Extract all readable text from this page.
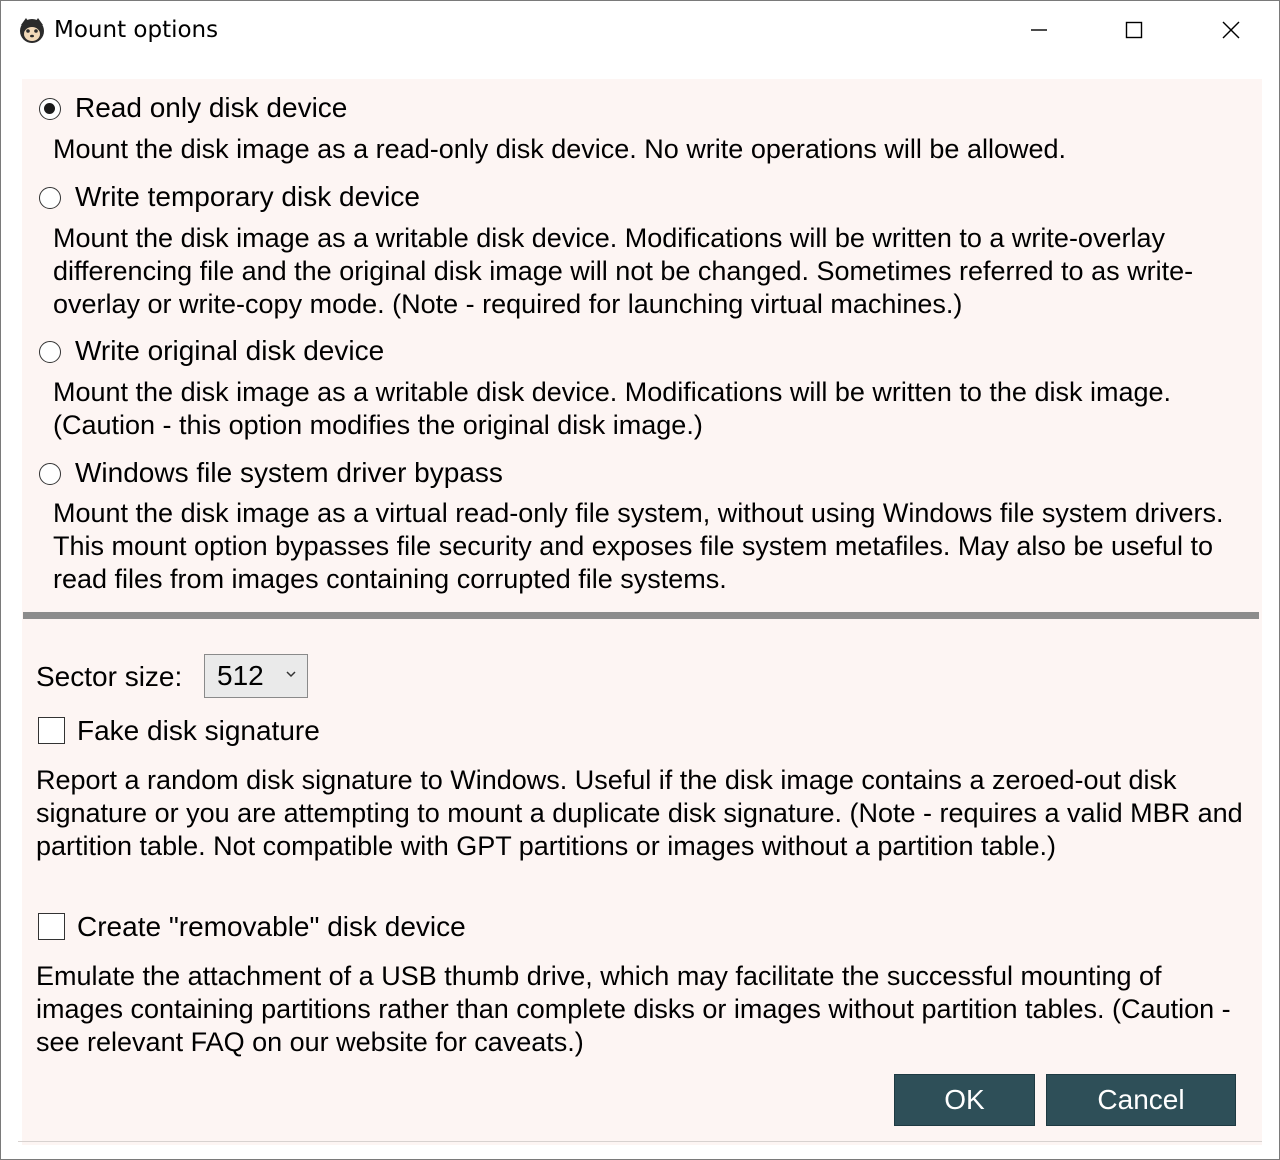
Mount options
Read only disk device
Mount the disk image as a read-only disk device. No write operations will be allowed.
Write temporary disk device
Mount the disk image as a writable disk device. Modifications will be written to a write-overlay differencing file and the original disk image will not be changed. Sometimes referred to as write-overlay or write-copy mode. (Note - required for launching virtual machines.)
Write original disk device
Mount the disk image as a writable disk device. Modifications will be written to the disk image. (Caution - this option modifies the original disk image.)
Windows file system driver bypass
Mount the disk image as a virtual read-only file system, without using Windows file system drivers. This mount option bypasses file security and exposes file system metafiles. May also be useful to read files from images containing corrupted file systems.
Sector size: 512
Fake disk signature
Report a random disk signature to Windows. Useful if the disk image contains a zeroed-out disk signature or you are attempting to mount a duplicate disk signature. (Note - requires a valid MBR and partition table. Not compatible with GPT partitions or images without a partition table.)
Create "removable" disk device
Emulate the attachment of a USB thumb drive, which may facilitate the successful mounting of images containing partitions rather than complete disks or images without partition tables. (Caution - see relevant FAQ on our website for caveats.)
OK	Cancel
